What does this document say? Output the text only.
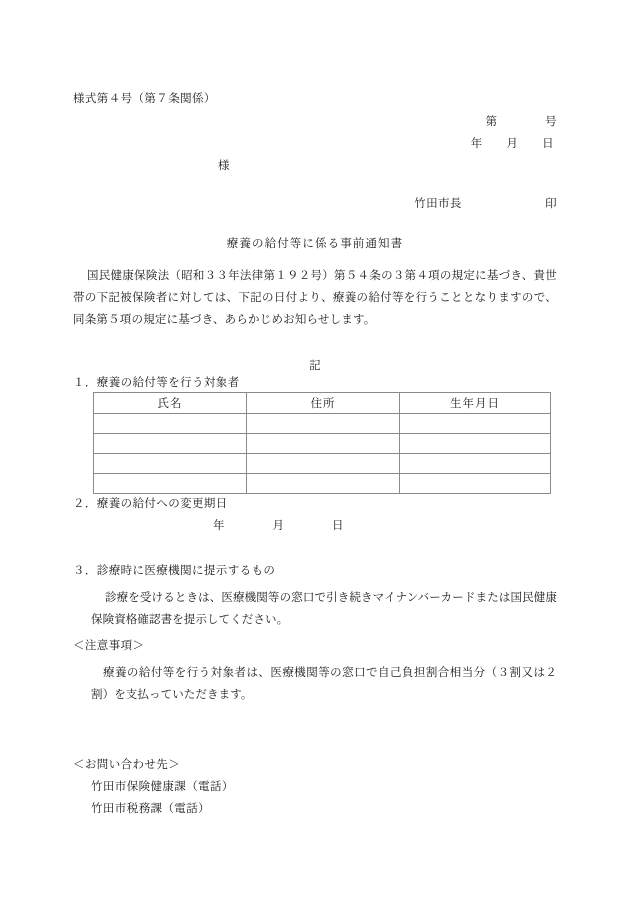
様式第４号（第７条関係）
第　　　　号
年　　月　　日
様
竹田市長　　　　　　　印
療養の給付等に係る事前通知書
国民健康保険法（昭和３３年法律第１９２号）第５４条の３第４項の規定に基づき、貴世帯の下記被保険者に対しては、下記の日付より、療養の給付等を行うこととなりますので、同条第５項の規定に基づき、あらかじめお知らせします。
記
１．療養の給付等を行う対象者
氏名	住所	生年月日

２．療養の給付への変更期日
年　　　　月　　　　日
３．診療時に医療機関に提示するもの
診療を受けるときは、医療機関等の窓口で引き続きマイナンバーカードまたは国民健康保険資格確認書を提示してください。
＜注意事項＞
療養の給付等を行う対象者は、医療機関等の窓口で自己負担割合相当分（３割又は２割）を支払っていただきます。
＜お問い合わせ先＞
竹田市保険健康課（電話）
竹田市税務課（電話）
